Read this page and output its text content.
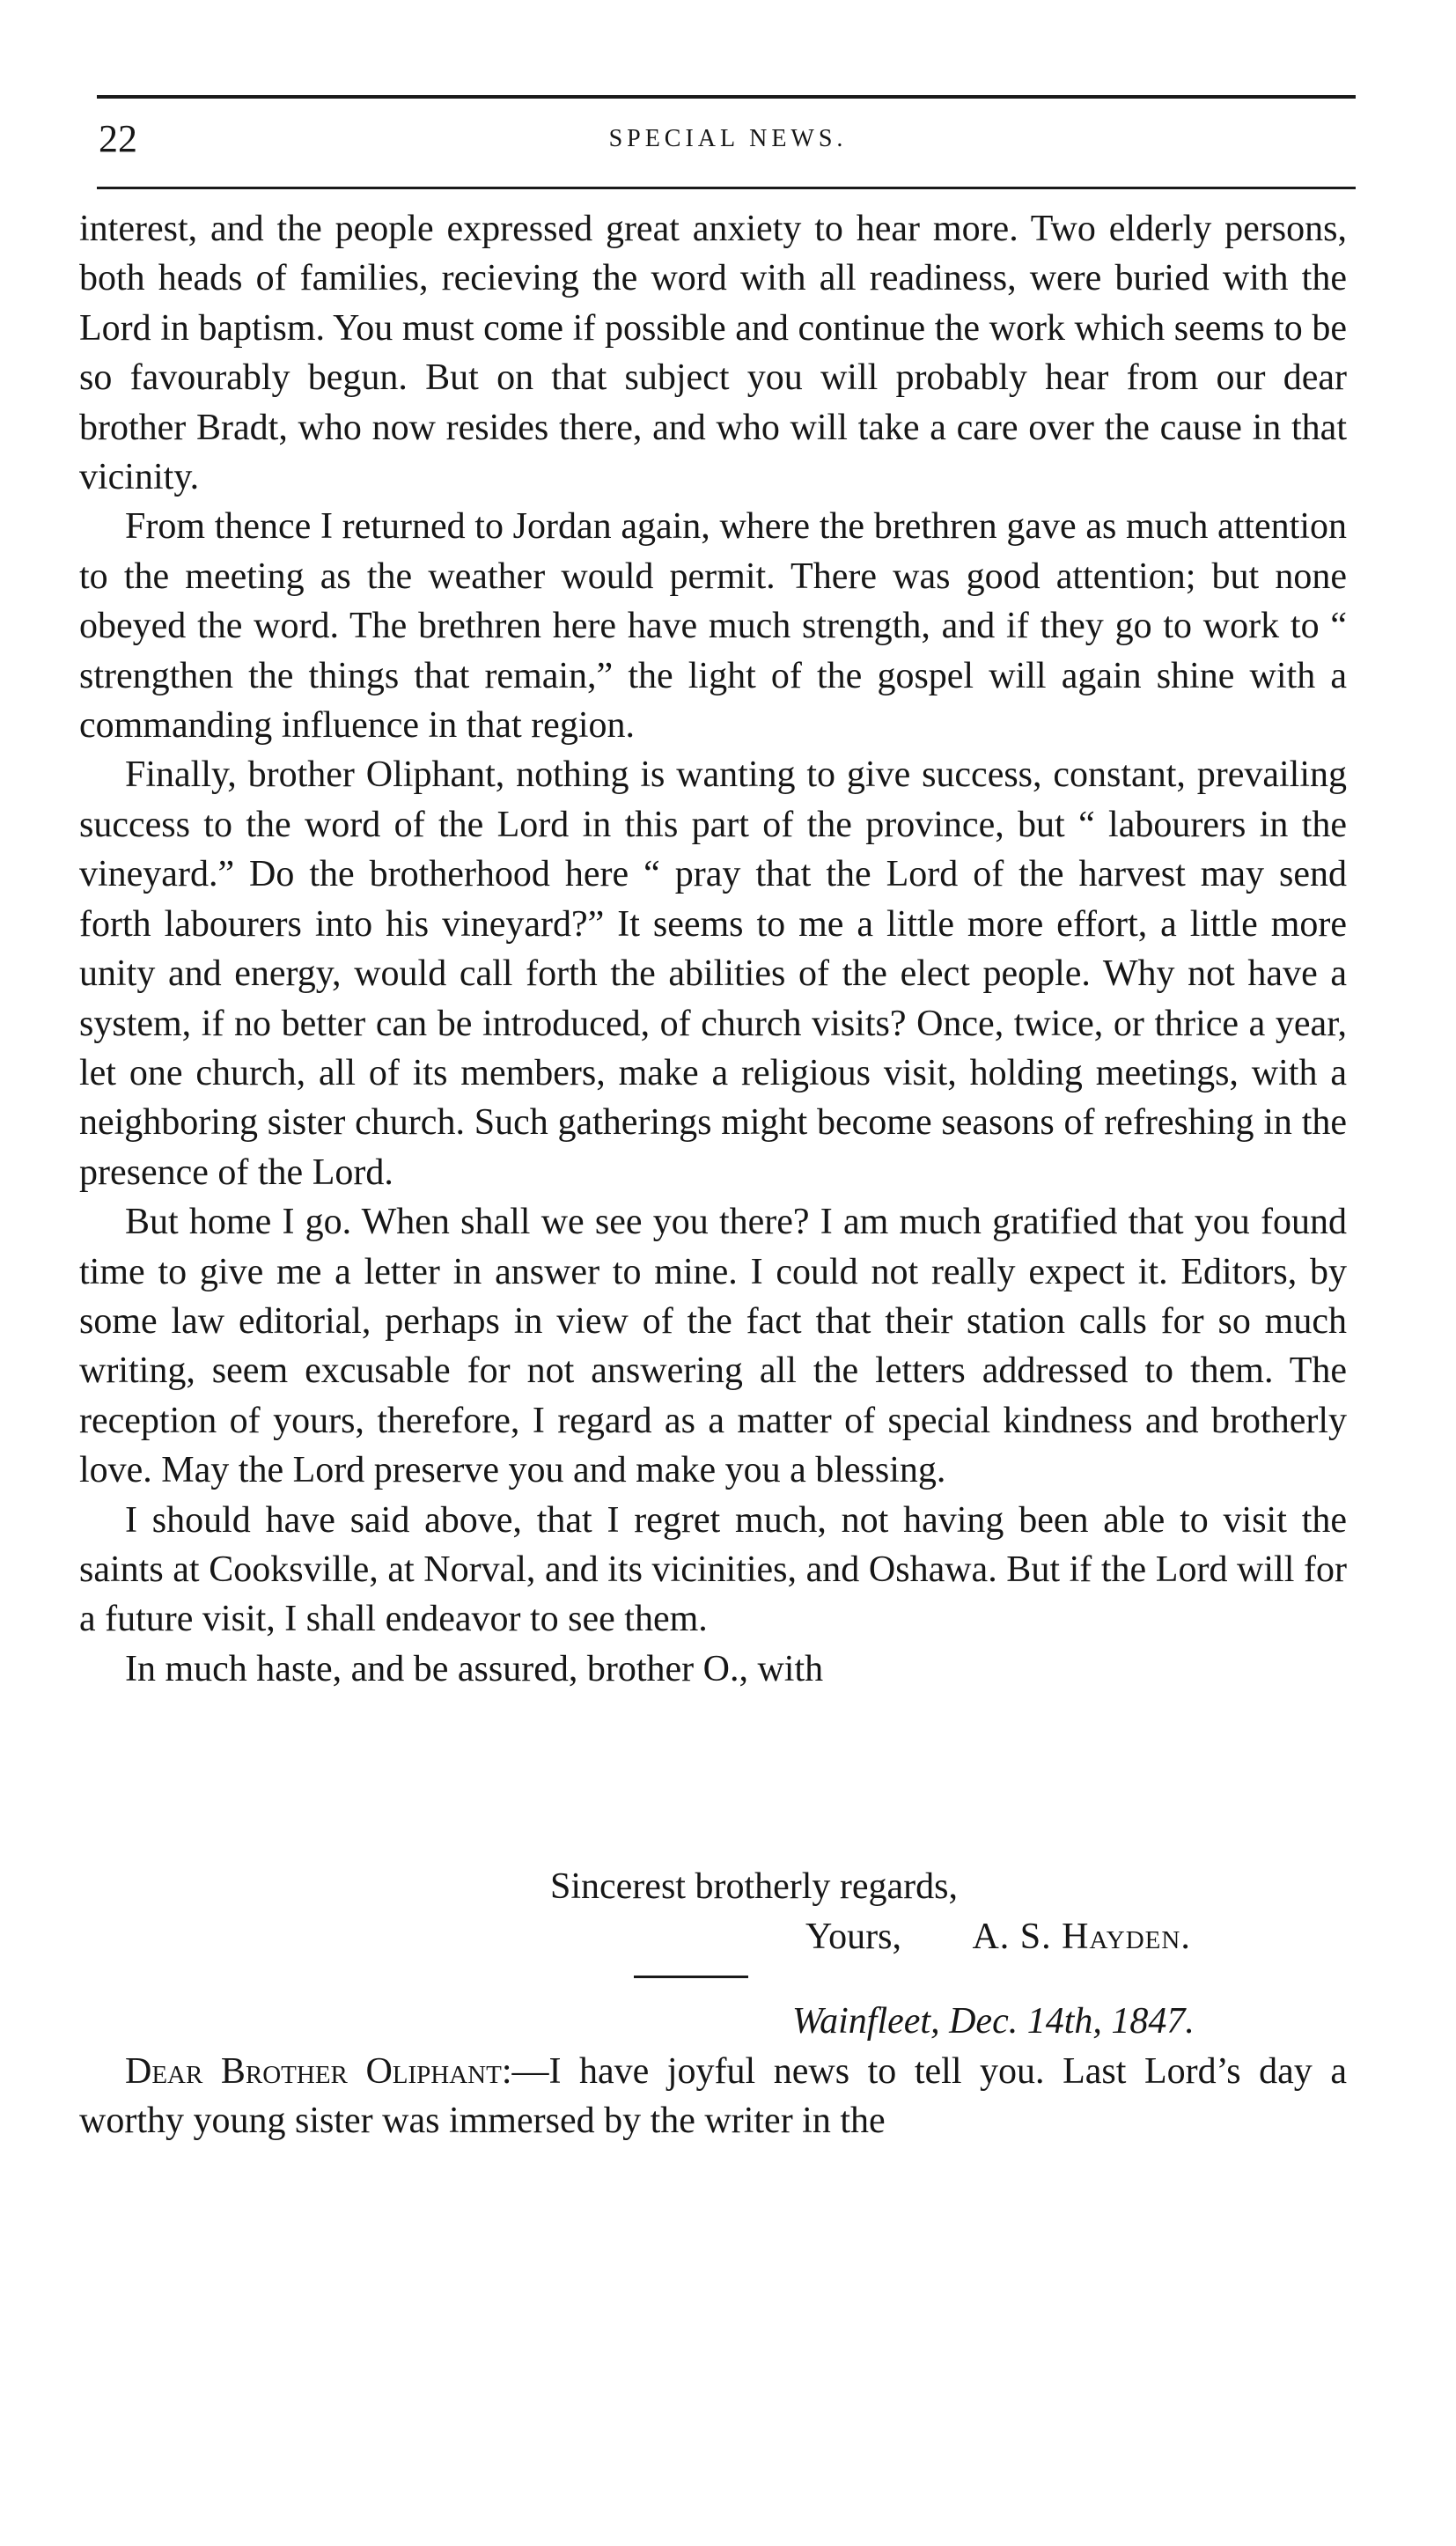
22	SPECIAL NEWS.

interest, and the people expressed great anxiety to hear more. Two elderly persons, both heads of families, recieving the word with all readiness, were buried with the Lord in baptism. You must come if possible and continue the work which seems to be so favourably begun. But on that subject you will probably hear from our dear brother Bradt, who now resides there, and who will take a care over the cause in that vicinity.

From thence I returned to Jordan again, where the brethren gave as much attention to the meeting as the weather would permit. There was good attention; but none obeyed the word. The brethren here have much strength, and if they go to work to “ strengthen the things that remain,” the light of the gospel will again shine with a commanding influence in that region.

Finally, brother Oliphant, nothing is wanting to give success, constant, prevailing success to the word of the Lord in this part of the province, but “ labourers in the vineyard.” Do the brotherhood here “ pray that the Lord of the harvest may send forth labourers into his vineyard?” It seems to me a little more effort, a little more unity and energy, would call forth the abilities of the elect people. Why not have a system, if no better can be introduced, of church visits? Once, twice, or thrice a year, let one church, all of its members, make a religious visit, holding meetings, with a neighboring sister church. Such gatherings might become seasons of refreshing in the presence of the Lord.

But home I go. When shall we see you there? I am much gratified that you found time to give me a letter in answer to mine. I could not really expect it. Editors, by some law editorial, perhaps in view of the fact that their station calls for so much writing, seem excusable for not answering all the letters addressed to them. The reception of yours, therefore, I regard as a matter of special kindness and brotherly love. May the Lord preserve you and make you a blessing.

I should have said above, that I regret much, not having been able to visit the saints at Cooksville, at Norval, and its vicinities, and Oshawa. But if the Lord will for a future visit, I shall endeavor to see them.

In much haste, and be assured, brother O., with

Sincerest brotherly regards,
Yours, A. S. Hayden.
Wainfleet, Dec. 14th, 1847.

Dear Brother Oliphant:—I have joyful news to tell you. Last Lord’s day a worthy young sister was immersed by the writer in the
